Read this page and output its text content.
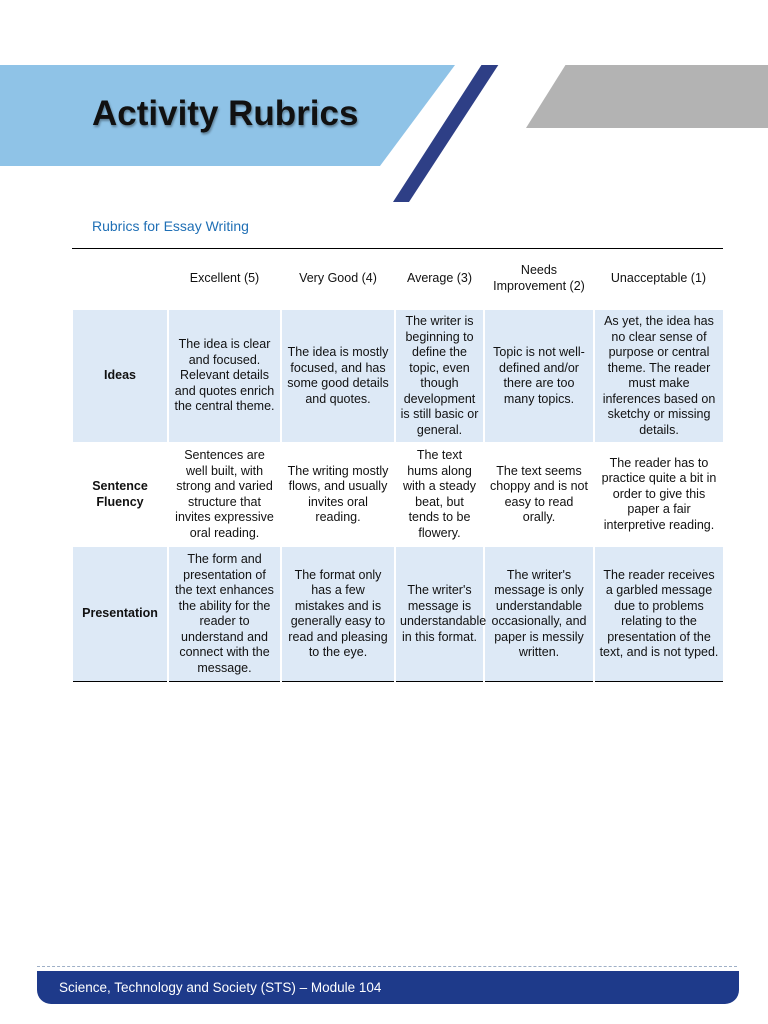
Activity Rubrics
Rubrics for Essay Writing
	Excellent (5)	Very Good (4)	Average (3)	Needs Improvement (2)	Unacceptable (1)
Ideas	The idea is clear and focused. Relevant details and quotes enrich the central theme.	The idea is mostly focused, and has some good details and quotes.	The writer is beginning to define the topic, even though development is still basic or general.	Topic is not well-defined and/or there are too many topics.	As yet, the idea has no clear sense of purpose or central theme. The reader must make inferences based on sketchy or missing details.
Sentence Fluency	Sentences are well built, with strong and varied structure that invites expressive oral reading.	The writing mostly flows, and usually invites oral reading.	The text hums along with a steady beat, but tends to be flowery.	The text seems choppy and is not easy to read orally.	The reader has to practice quite a bit in order to give this paper a fair interpretive reading.
Presentation	The form and presentation of the text enhances the ability for the reader to understand and connect with the message.	The format only has a few mistakes and is generally easy to read and pleasing to the eye.	The writer's message is understandable in this format.	The writer's message is only understandable occasionally, and paper is messily written.	The reader receives a garbled message due to problems relating to the presentation of the text, and is not typed.
Science, Technology and Society (STS) – Module 104
